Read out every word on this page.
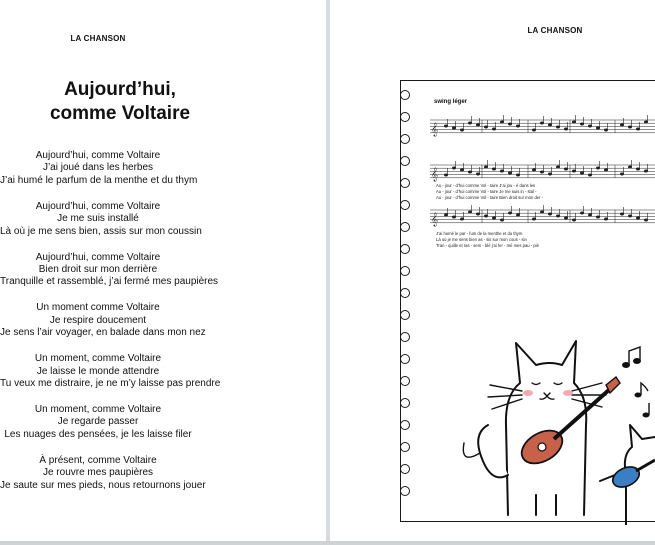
LA CHANSON
Aujourd’hui,
comme Voltaire
Aujourd’hui, comme Voltaire
J’ai joué dans les herbes
J’ai humé le parfum de la menthe et du thym
Aujourd’hui, comme Voltaire
Je me suis installé
Là où je me sens bien, assis sur mon coussin
Aujourd’hui, comme Voltaire
Bien droit sur mon derrière
Tranquille et rassemblé, j’ai fermé mes paupières
Un moment comme Voltaire
Je respire doucement
Je sens l’air voyager, en balade dans mon nez
Un moment, comme Voltaire
Je laisse le monde attendre
Tu veux me distraire, je ne m’y laisse pas prendre
Un moment, comme Voltaire
Je regarde passer
Les nuages des pensées, je les laisse filer
À présent, comme Voltaire
Je rouvre mes paupières
Je saute sur mes pieds, nous retournons jouer
LA CHANSON
swing léger
𝄞
𝄞
𝄞
Au - jour - d’hui comme Vol - taire J’ai jou - é dans les
Au - jour - d’hui comme Vol - taire Je me suis in - stal -
Au - jour - d’hui comme Vol - taire Bien droit sur mon der -
J’ai humé le par - fum de la menthe et du thym
Là où je me sens bien as - sis sur mon cous - sin
Tran - quille et ras - sem - blé j’ai fer - mé mes pau - piè
